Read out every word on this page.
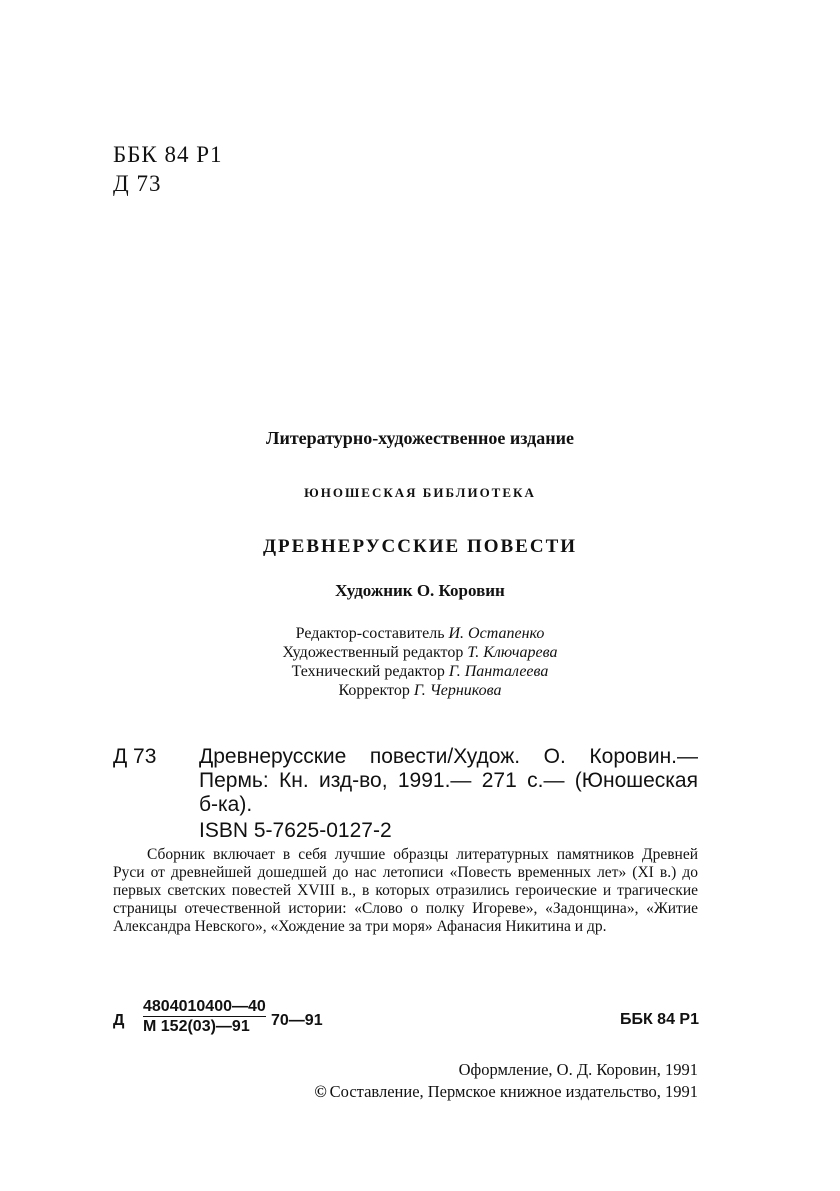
ББК 84 Р1
Д 73
Литературно-художественное издание
ЮНОШЕСКАЯ БИБЛИОТЕКА
ДРЕВНЕРУССКИЕ ПОВЕСТИ
Художник О. Коровин
Редактор-составитель И. Остапенко
Художественный редактор Т. Ключарева
Технический редактор Г. Панталеева
Корректор Г. Черникова
Д 73	Древнерусские повести/Худож. О. Коровин.—
Пермь: Кн. изд-во, 1991.— 271 с.— (Юношеская
б-ка).
ISBN 5-7625-0127-2
Сборник включает в себя лучшие образцы литературных памятников Древней Руси от древнейшей дошедшей до нас летописи «Повесть временных лет» (XI в.) до первых светских повестей XVIII в., в которых отразились героические и трагические страницы отечественной истории: «Слово о полку Игореве», «Задонщина», «Житие Александра Невского», «Хождение за три моря» Афанасия Никитина и др.
Д
4804010400—40
М 152(03)—91	70—91	ББК 84 Р1
Оформление, О. Д. Коровин, 1991
© Составление, Пермское книжное издательство, 1991
